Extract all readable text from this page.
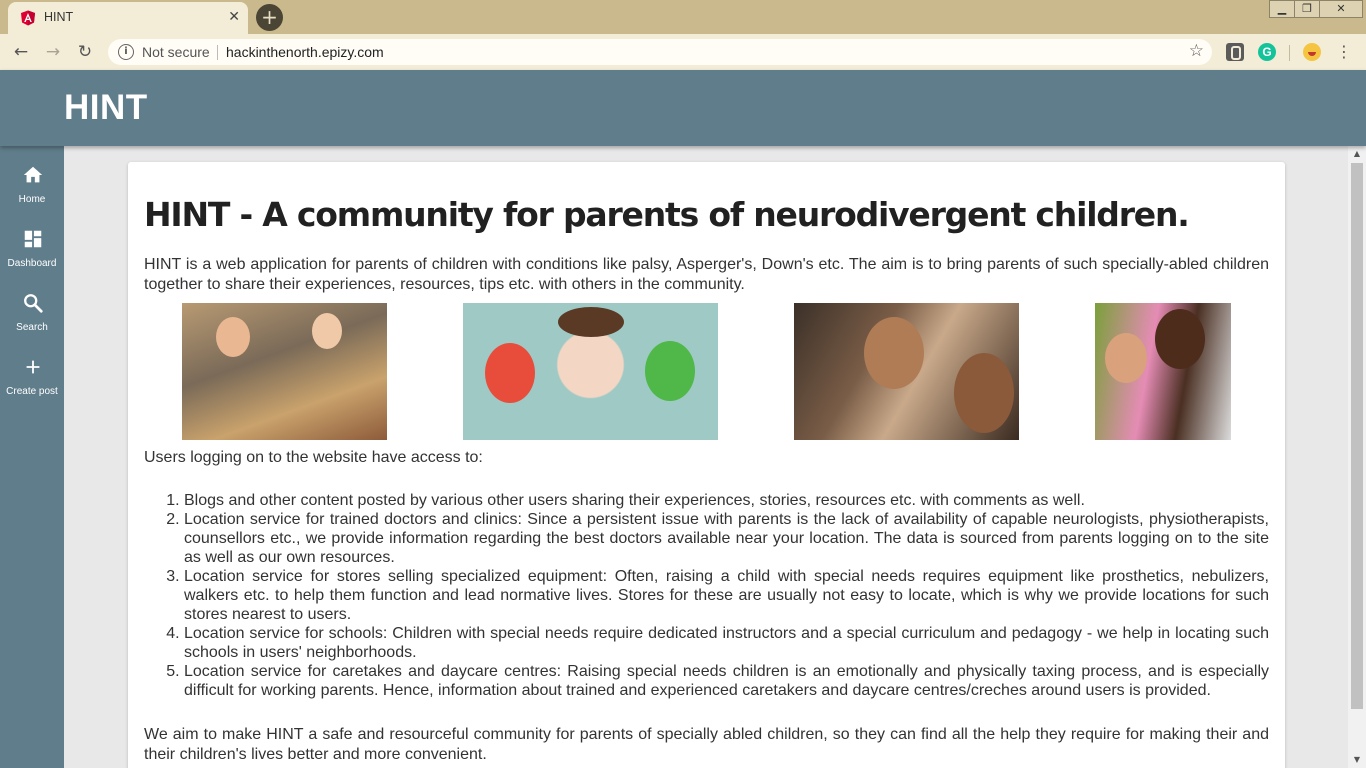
HINT	✕ +	▁	❐	✕
← → ↻	i	Not secure hackinthenorth.epizy.com	☆	G	⋮
HINT
Home
Dashboard
Search
Create post
HINT - A community for parents of neurodivergent children.

HINT is a web application for parents of children with conditions like palsy, Asperger's, Down's etc. The aim is to bring parents of such specially-abled children together to share their experiences, resources, tips etc. with others in the community.

Users logging on to the website have access to:

1. Blogs and other content posted by various other users sharing their experiences, stories, resources etc. with comments as well.
2. Location service for trained doctors and clinics: Since a persistent issue with parents is the lack of availability of capable neurologists, physiotherapists, counsellors etc., we provide information regarding the best doctors available near your location. The data is sourced from parents logging on to the site as well as our own resources.
3. Location service for stores selling specialized equipment: Often, raising a child with special needs requires equipment like prosthetics, nebulizers, walkers etc. to help them function and lead normative lives. Stores for these are usually not easy to locate, which is why we provide locations for such stores nearest to users.
4. Location service for schools: Children with special needs require dedicated instructors and a special curriculum and pedagogy - we help in locating such schools in users' neighborhoods.
5. Location service for caretakes and daycare centres: Raising special needs children is an emotionally and physically taxing process, and is especially difficult for working parents. Hence, information about trained and experienced caretakers and daycare centres/creches around users is provided.

We aim to make HINT a safe and resourceful community for parents of specially abled children, so they can find all the help they require for making their and their children's lives better and more convenient.

▲
▼
